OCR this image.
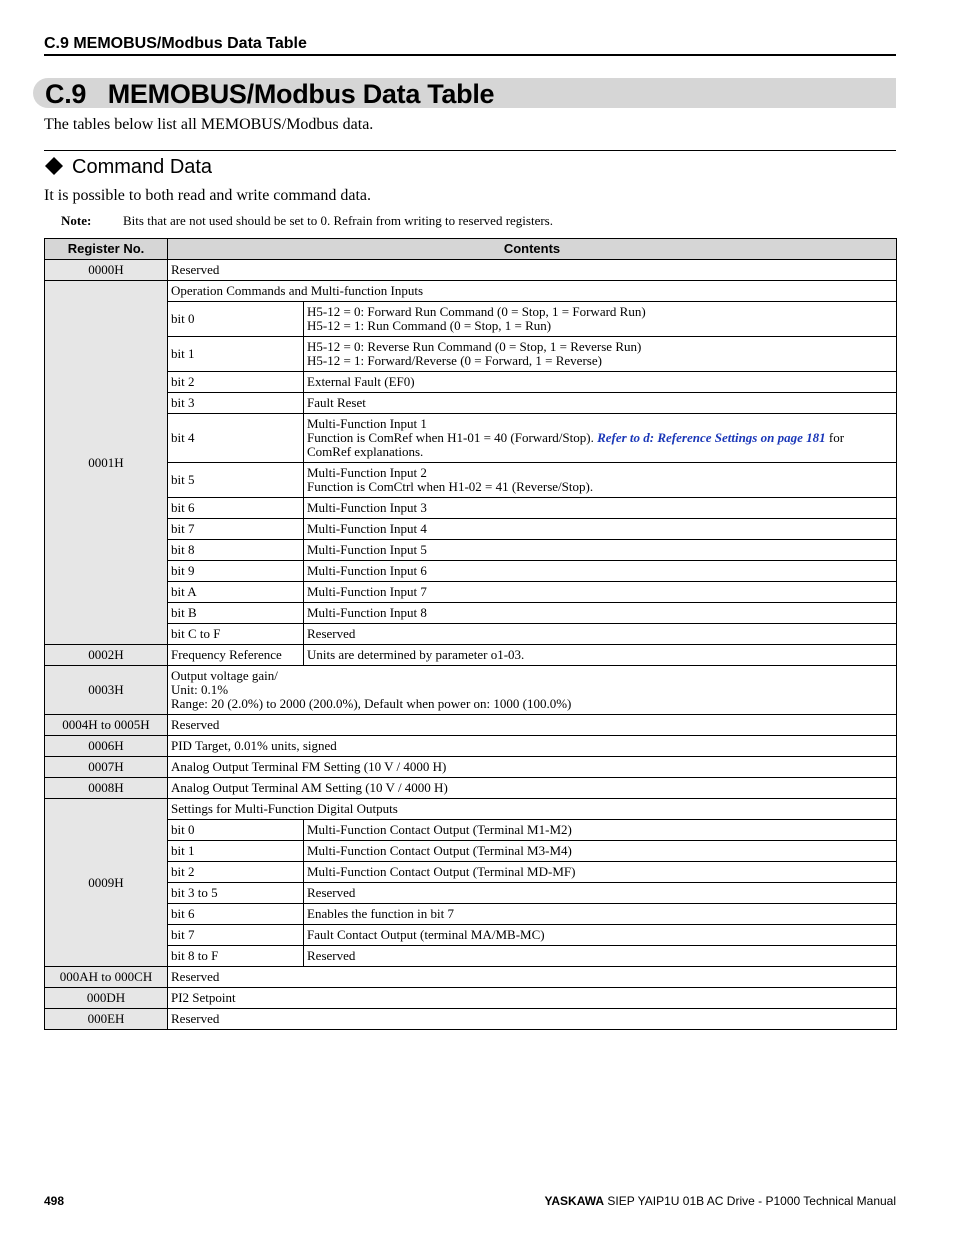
C.9 MEMOBUS/Modbus Data Table
C.9 MEMOBUS/Modbus Data Table
The tables below list all MEMOBUS/Modbus data.
Command Data
It is possible to both read and write command data.
Note: Bits that are not used should be set to 0. Refrain from writing to reserved registers.
Register No.	Contents	
0000H	Reserved	
0001H	Operation Commands and Multi-function Inputs	
	bit 0	H5-12 = 0: Forward Run Command (0 = Stop, 1 = Forward Run)
H5-12 = 1: Run Command (0 = Stop, 1 = Run)

	bit 1	H5-12 = 0: Reverse Run Command (0 = Stop, 1 = Reverse Run)
H5-12 = 1: Forward/Reverse (0 = Forward, 1 = Reverse)

	bit 2	External Fault (EF0)
	bit 3	Fault Reset
	bit 4	Multi-Function Input 1
Function is ComRef when H1-01 = 40 (Forward/Stop). Refer to d: Reference Settings on page 181 for
ComRef explanations.

	bit 5	Multi-Function Input 2
Function is ComCtrl when H1-02 = 41 (Reverse/Stop).

	bit 6	Multi-Function Input 3
	bit 7	Multi-Function Input 4
	bit 8	Multi-Function Input 5
	bit 9	Multi-Function Input 6
	bit A	Multi-Function Input 7
	bit B	Multi-Function Input 8
	bit C to F	Reserved
0002H	Frequency Reference	Units are determined by parameter o1-03.
0003H	Output voltage gain/
Unit: 0.1%
Range: 20 (2.0%) to 2000 (200.0%), Default when power on: 1000 (100.0%)	

0004H to 0005H	Reserved	
0006H	PID Target, 0.01% units, signed	
0007H	Analog Output Terminal FM Setting (10 V / 4000 H)	
0008H	Analog Output Terminal AM Setting (10 V / 4000 H)	
0009H	Settings for Multi-Function Digital Outputs	
	bit 0	Multi-Function Contact Output (Terminal M1-M2)
	bit 1	Multi-Function Contact Output (Terminal M3-M4)
	bit 2	Multi-Function Contact Output (Terminal MD-MF)
	bit 3 to 5	Reserved
	bit 6	Enables the function in bit 7
	bit 7	Fault Contact Output (terminal MA/MB-MC)
	bit 8 to F	Reserved
000AH to 000CH	Reserved	
000DH	PI2 Setpoint	
000EH	Reserved	
498	YASKAWA SIEP YAIP1U 01B AC Drive - P1000 Technical Manual
